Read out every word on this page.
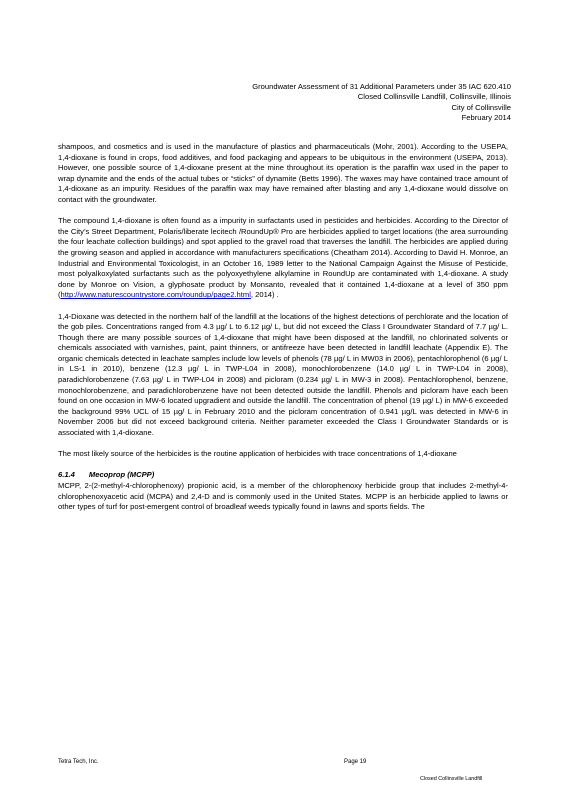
Groundwater Assessment of 31 Additional Parameters under 35 IAC 620.410
Closed Collinsville Landfill, Collinsville, Illinois
City of Collinsville
February 2014

shampoos, and cosmetics and is used in the manufacture of plastics and pharmaceuticals (Mohr, 2001). According to the USEPA, 1,4-dioxane is found in crops, food additives, and food packaging and appears to be ubiquitous in the environment (USEPA, 2013). However, one possible source of 1,4-dioxane present at the mine throughout its operation is the paraffin wax used in the paper to wrap dynamite and the ends of the actual tubes or “sticks” of dynamite (Betts 1996). The waxes may have contained trace amount of 1,4-dioxane as an impurity. Residues of the paraffin wax may have remained after blasting and any 1,4-dioxane would dissolve on contact with the groundwater.

The compound 1,4-dioxane is often found as a impurity in surfactants used in pesticides and herbicides. According to the Director of the City’s Street Department, Polaris/liberate lecitech /RoundUp® Pro are herbicides applied to target locations (the area surrounding the four leachate collection buildings) and spot applied to the gravel road that traverses the landfill. The herbicides are applied during the growing season and applied in accordance with manufacturers specifications (Cheatham 2014). According to David H. Monroe, an Industrial and Environmental Toxicologist, in an October 16, 1989 letter to the National Campaign Against the Misuse of Pesticide, most polyalkoxylated surfactants such as the polyoxyethylene alkylamine in RoundUp are contaminated with 1,4-dioxane. A study done by Monroe on Vision, a glyphosate product by Monsanto, revealed that it contained 1,4-dioxane at a level of 350 ppm (http://www.naturescountrystore.com/roundup/page2.html, 2014) .

1,4-Dioxane was detected in the northern half of the landfill at the locations of the highest detections of perchlorate and the location of the gob piles. Concentrations ranged from 4.3 µg/ L to 6.12 µg/ L, but did not exceed the Class I Groundwater Standard of 7.7 µg/ L. Though there are many possible sources of 1,4-dioxane that might have been disposed at the landfill, no chlorinated solvents or chemicals associated with varnishes, paint, paint thinners, or antifreeze have been detected in landfill leachate (Appendix E). The organic chemicals detected in leachate samples include low levels of phenols (78 µg/ L in MW03 in 2006), pentachlorophenol (6 µg/ L in LS-1 in 2010), benzene (12.3 µg/ L in TWP-L04 in 2008), monochlorobenzene (14.0 µg/ L in TWP-L04 in 2008), paradichlorobenzene (7.63 µg/ L in TWP-L04 in 2008) and picloram (0.234 µg/ L in MW-3 in 2008). Pentachlorophenol, benzene, monochlorobenzene, and paradichlorobenzene have not been detected outside the landfill. Phenols and picloram have each been found on one occasion in MW-6 located upgradient and outside the landfill. The concentration of phenol (19 µg/ L) in MW-6 exceeded the background 99% UCL of 15 µg/ L in February 2010 and the picloram concentration of 0.941 µg/L was detected in MW-6 in November 2006 but did not exceed background criteria. Neither parameter exceeded the Class I Groundwater Standards or is associated with 1,4-dioxane.

The most likely source of the herbicides is the routine application of herbicides with trace concentrations of 1,4-dioxane

6.1.4 Mecoprop (MCPP)

MCPP, 2-(2-methyl-4-chlorophenoxy) propionic acid, is a member of the chlorophenoxy herbicide group that includes 2-methyl-4-chlorophenoxyacetic acid (MCPA) and 2,4-D and is commonly used in the United States. MCPP is an herbicide applied to lawns or other types of turf for post-emergent control of broadleaf weeds typically found in lawns and sports fields. The

Tetra Tech, Inc.	Page 19
Closed Collinsville Landfill
